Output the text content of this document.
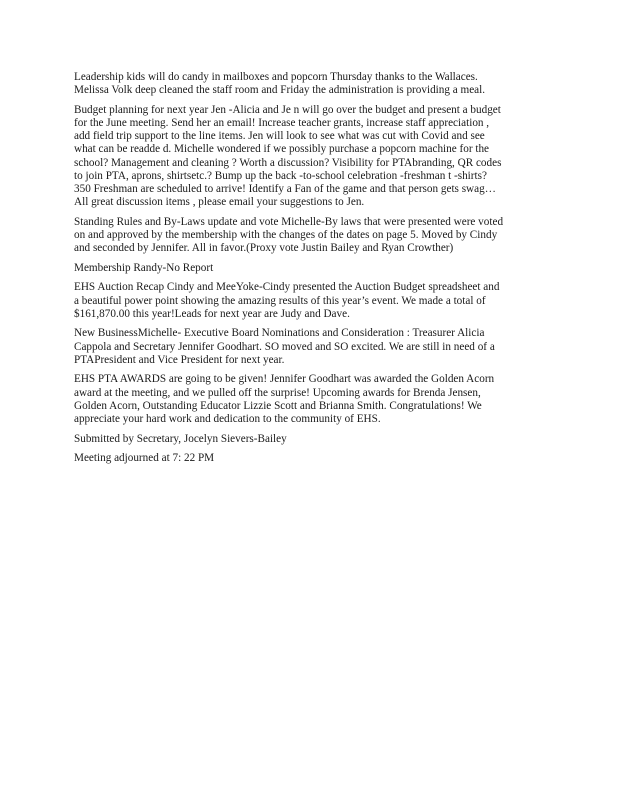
Leadership kids will do candy in mailboxes and popcorn Thursday thanks to the Wallaces.
Melissa Volk deep cleaned the staff room and Friday the administration is providing a meal.

Budget planning for next year Jen -Alicia and Je n will go over the budget and present a budget
for the June meeting. Send her an email! Increase teacher grants, increase staff appreciation ,
add field trip support to the line items. Jen will look to see what was cut with Covid and see
what can be readde d. Michelle wondered if we possibly purchase a popcorn machine for the
school? Management and cleaning ? Worth a discussion? Visibility for PTAbranding, QR codes
to join PTA, aprons, shirtsetc.? Bump up the back -to-school celebration -freshman t -shirts?
350 Freshman are scheduled to arrive! Identify a Fan of the game and that person gets swag…
All great discussion items , please email your suggestions to Jen.

Standing Rules and By-Laws update and vote Michelle-By laws that were presented were voted
on and approved by the membership with the changes of the dates on page 5. Moved by Cindy
and seconded by Jennifer. All in favor.(Proxy vote Justin Bailey and Ryan Crowther)

Membership Randy-No Report

EHS Auction Recap Cindy and MeeYoke-Cindy presented the Auction Budget spreadsheet and
a beautiful power point showing the amazing results of this year’s event. We made a total of
$161,870.00 this year!Leads for next year are Judy and Dave.

New BusinessMichelle- Executive Board Nominations and Consideration : Treasurer Alicia
Cappola and Secretary Jennifer Goodhart. SO moved and SO excited. We are still in need of a
PTAPresident and Vice President for next year.

EHS PTA AWARDS are going to be given! Jennifer Goodhart was awarded the Golden Acorn
award at the meeting, and we pulled off the surprise! Upcoming awards for Brenda Jensen,
Golden Acorn, Outstanding Educator Lizzie Scott and Brianna Smith. Congratulations! We
appreciate your hard work and dedication to the community of EHS.

Submitted by Secretary, Jocelyn Sievers-Bailey

Meeting adjourned at 7: 22 PM
